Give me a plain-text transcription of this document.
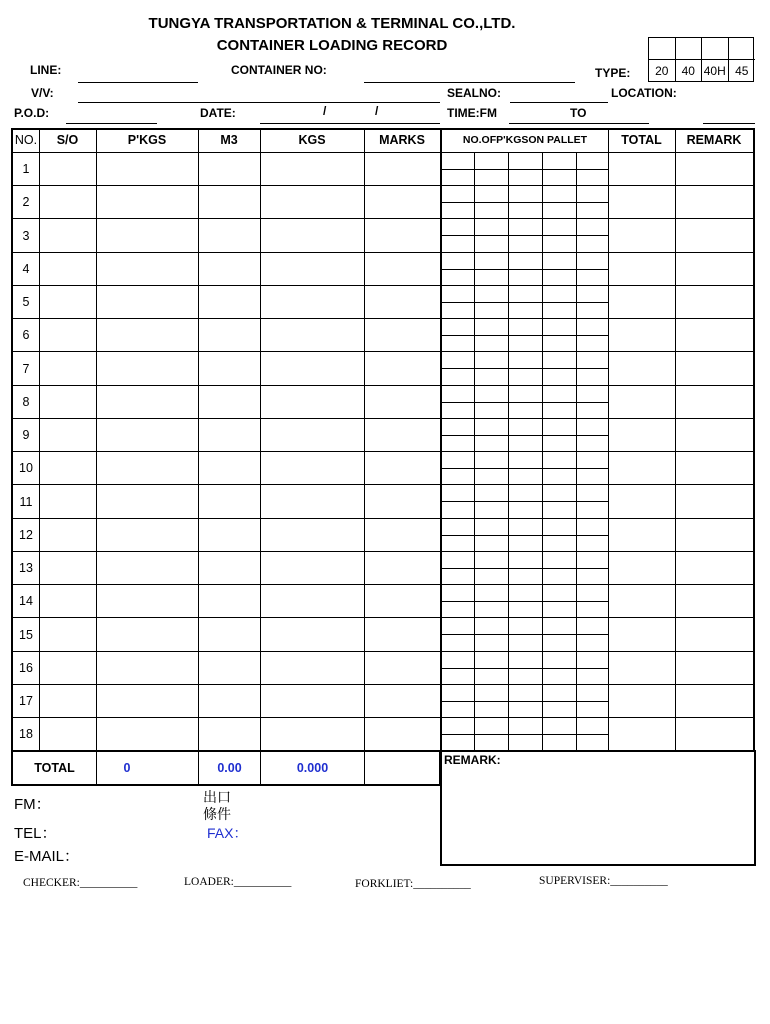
TUNGYA TRANSPORTATION & TERMINAL CO.,LTD.
CONTAINER LOADING RECORD
20	40 40H 45
LINE:	CONTAINER NO:	TYPE:
V/V:	SEALNO:	LOCATION:
P.O.D:	DATE:	/	/	TIME:FM	TO
NO.	S/O	P'KGS	M3	KGS	MARKS	NO.OFP'KGSON PALLET	TOTAL	REMARK
1
2
3
4
5
6
7
8
9
10
11
12
13
14
15
16
17
18
TOTAL	0	0.00	0.000
REMARK:
FM：	出口
條件
TEL：	FAX：
E-MAIL：
CHECKER:__________	LOADER:__________	FORKLIET:__________	SUPERVISER:__________
